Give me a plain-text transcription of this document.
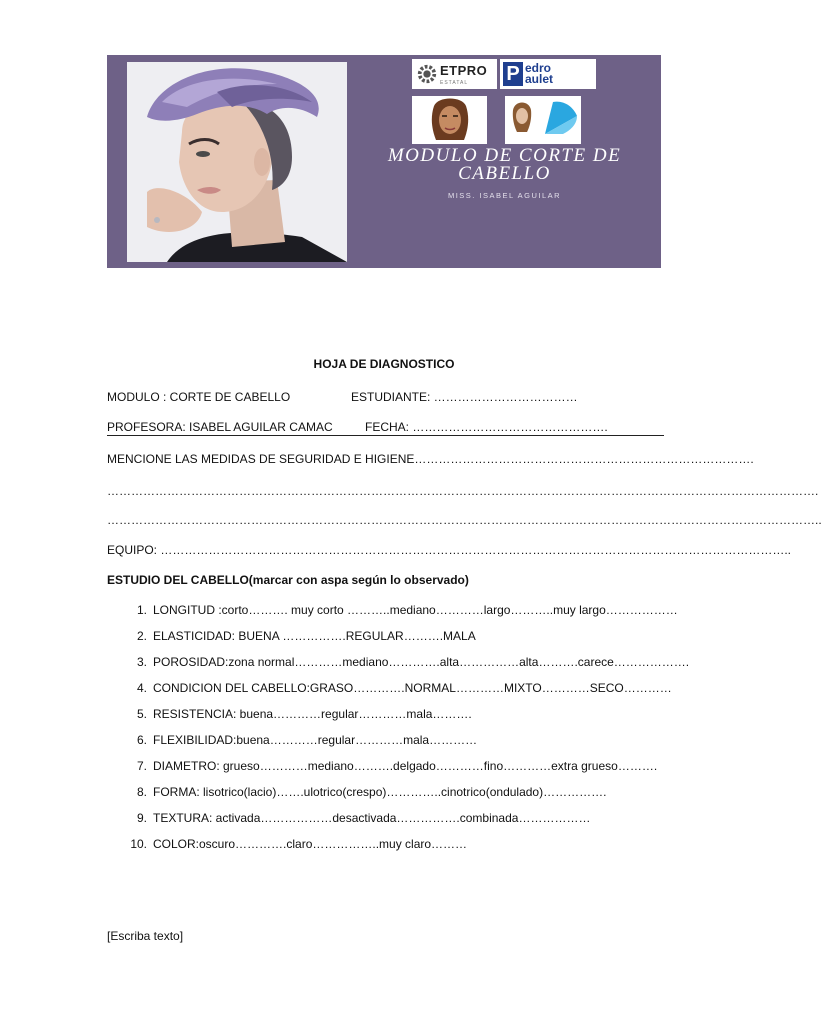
ETPRO
ESTATAL	P edro
aulet
MODULO DE CORTE DE
CABELLO
MISS. ISABEL AGUILAR
HOJA DE DIAGNOSTICO
MODULO : CORTE DE CABELLO	ESTUDIANTE: ………………………………
PROFESORA: ISABEL AGUILAR CAMAC	FECHA: ………………………………………….
MENCIONE LAS MEDIDAS DE SEGURIDAD E HIGIENE………………………………………………………………………….
…………………………………………………………………………………………………………………………………………………………….
……………………………………………………………………………………………………………………………………………………………..
EQUIPO: …………………………………………………………………………………………………………………………………………..
ESTUDIO DEL CABELLO(marcar con aspa según lo observado)
1. LONGITUD :corto………. muy corto ………..mediano…………largo………..muy largo………………
2. ELASTICIDAD: BUENA …………….REGULAR……….MALA
3. POROSIDAD:zona normal…………mediano………….alta……………alta……….carece……………….
4. CONDICION DEL CABELLO:GRASO………….NORMAL…………MIXTO…………SECO…………
5. RESISTENCIA: buena…………regular…………mala……….
6. FLEXIBILIDAD:buena…………regular…………mala…………
7. DIAMETRO: grueso…………mediano……….delgado…………fino…………extra grueso……….
8. FORMA: lisotrico(lacio)…….ulotrico(crespo)…………..cinotrico(ondulado)…………….
9. TEXTURA: activada………………desactivada…………….combinada………………
10. COLOR:oscuro………….claro……………..muy claro………
[Escriba texto]
